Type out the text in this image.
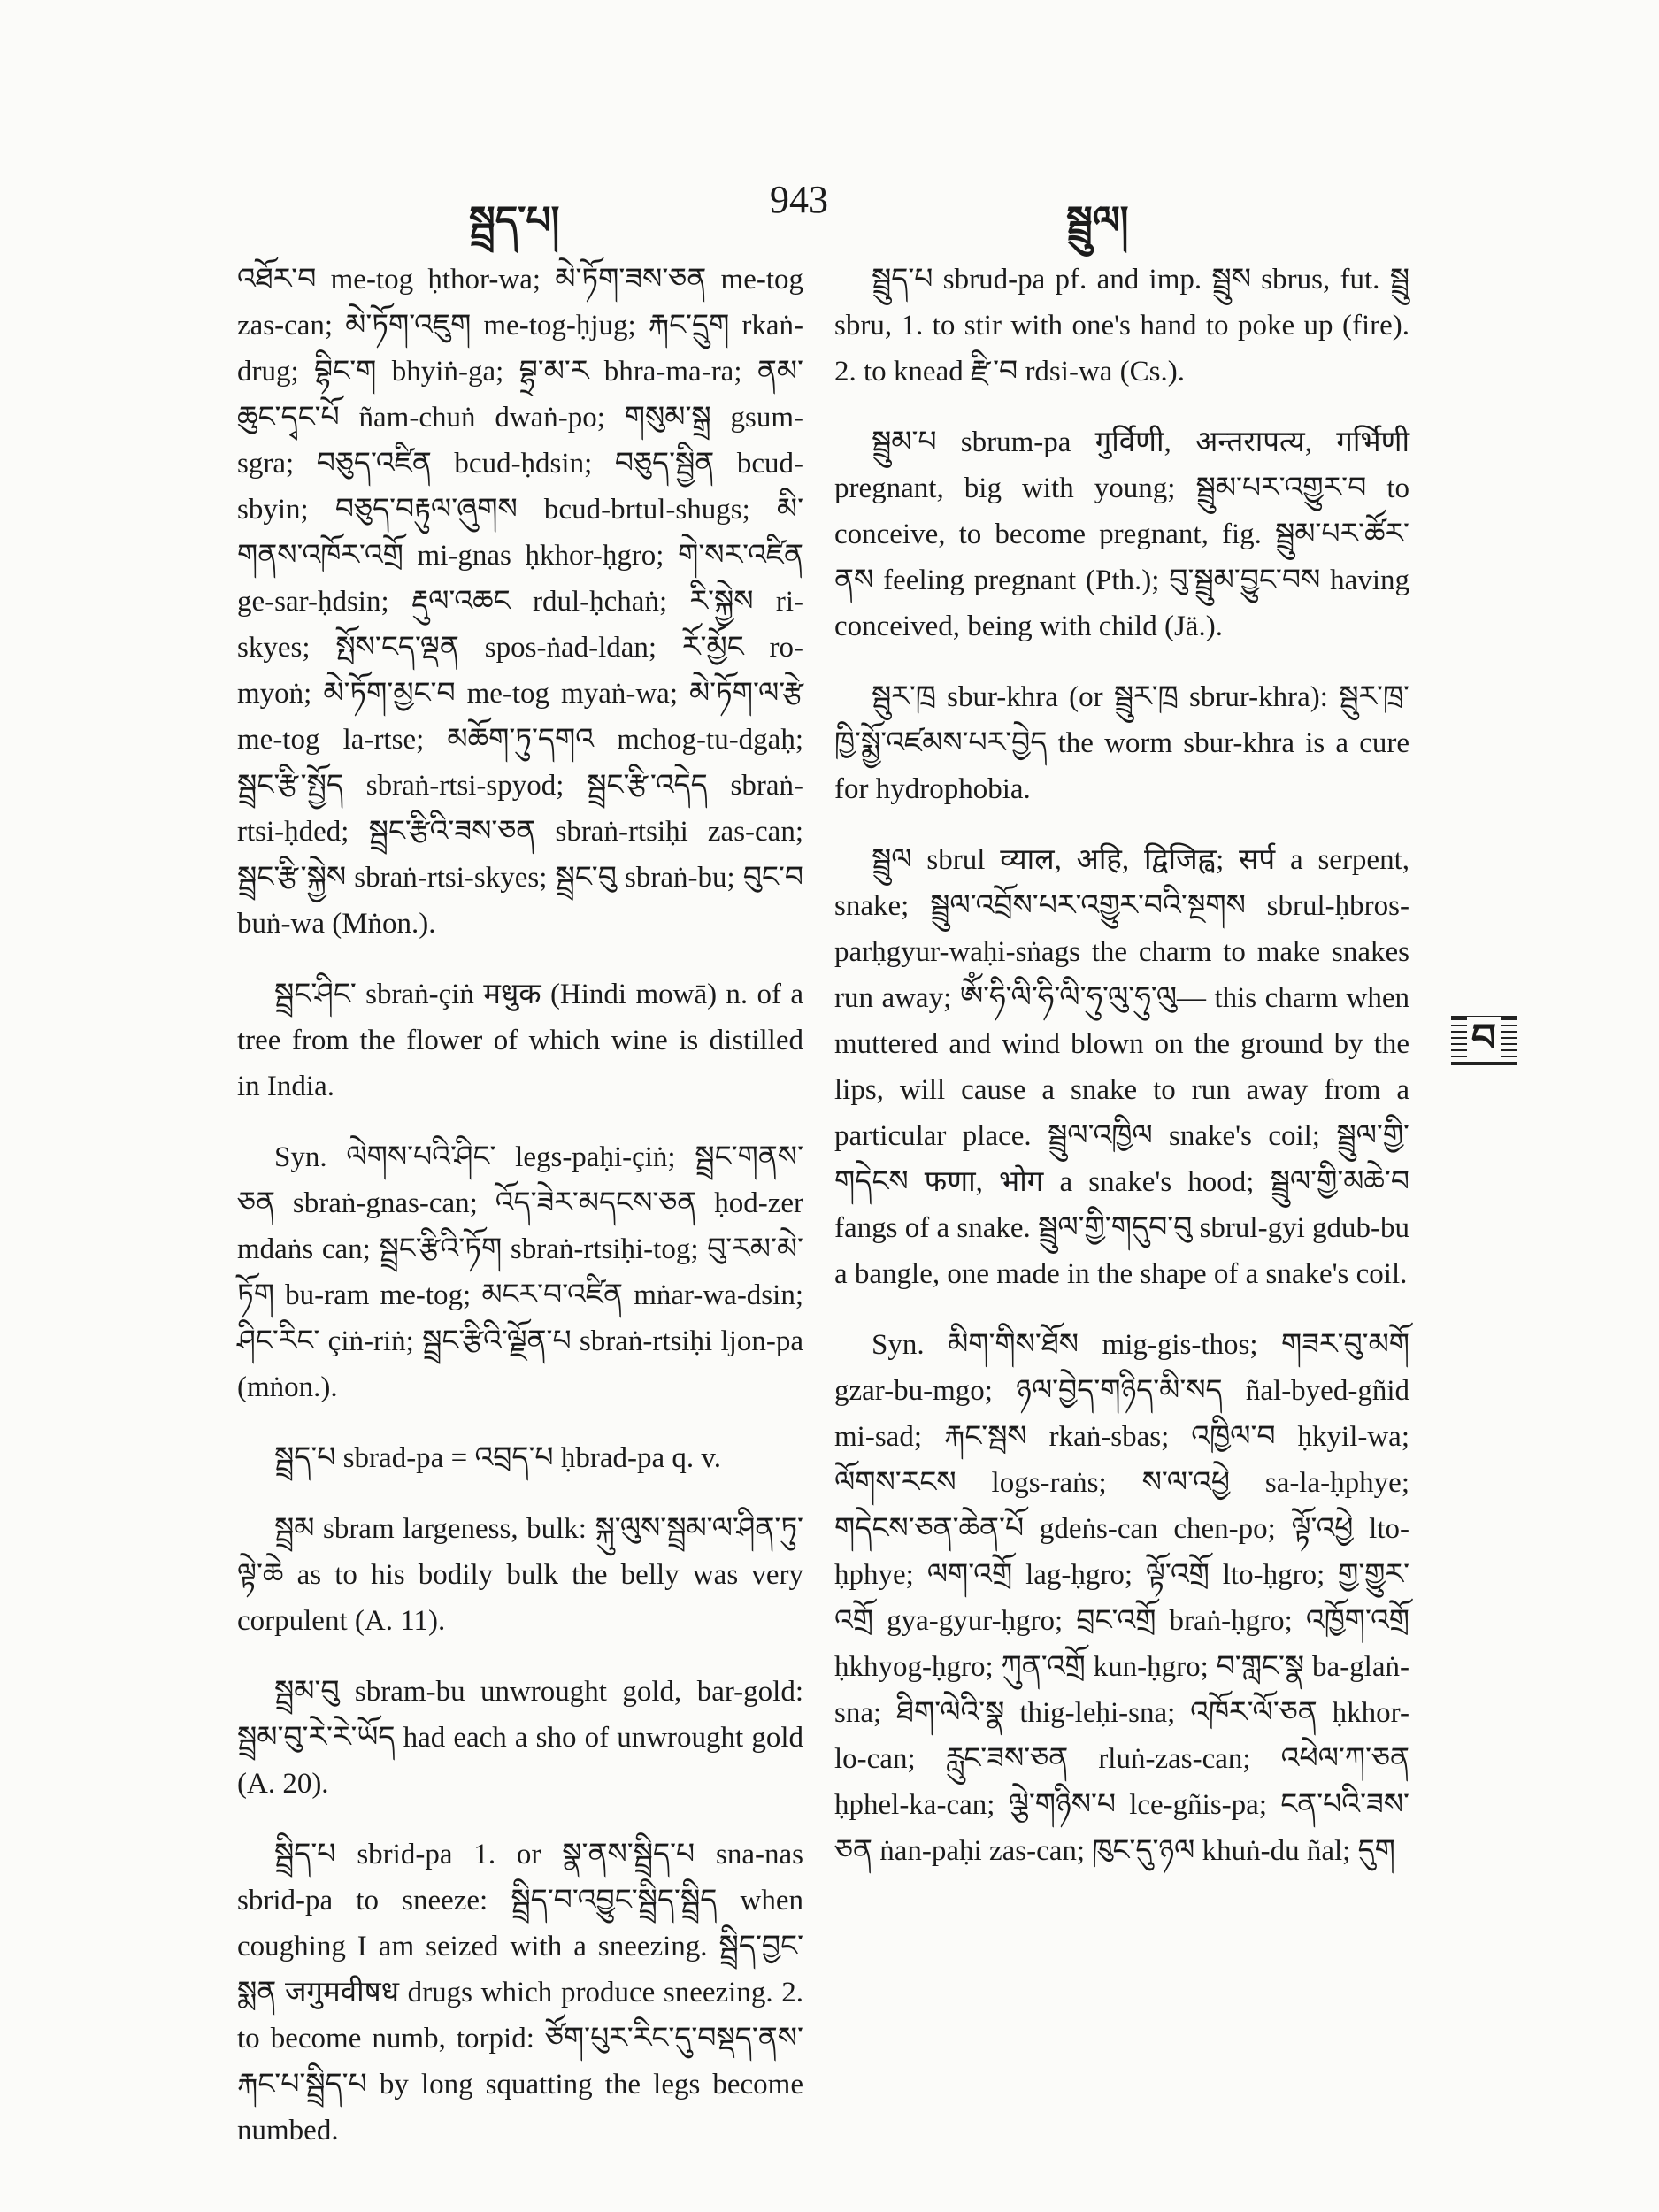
སྦྲད་པ།	943	སྦྲུལ།

འཐོར་བ me-tog ḥthor-wa; མེ་ཏོག་ཟས་ཅན me-tog zas-can; མེ་ཏོག་འཇུག me-tog-ḥjug; རྐང་དྲུག rkaṅ-drug; བྷིང་ག bhyiṅ-ga; བྷྲ་མ་ར bhra-ma-ra; ནམ་ཆུང་དྭང་པོ ñam-chuṅ dwaṅ-po; གསུམ་སྒྲ gsum-sgra; བཅུད་འཛིན bcud-ḥdsin; བཅུད་སྦྱིན bcud-sbyin; བཅུད་བརྟུལ་ཞུགས bcud-brtul-shugs; མི་གནས་འཁོར་འགྲོ mi-gnas ḥkhor-ḥgro; གེ་སར་འཛིན ge-sar-ḥdsin; རྡུལ་འཆང rdul-ḥchaṅ; རི་སྐྱེས ri-skyes; སྤོས་ངད་ལྡན spos-ṅad-ldan; རོ་མྱོང ro-myoṅ; མེ་ཏོག་མྱང་བ me-tog myaṅ-wa; མེ་ཏོག་ལ་རྩེ me-tog la-rtse; མཆོག་ཏུ་དགའ mchog-tu-dgaḥ; སྦྲང་རྩི་སྤྱོད sbraṅ-rtsi-spyod; སྦྲང་རྩི་འདེད sbraṅ-rtsi-ḥded; སྦྲང་རྩིའི་ཟས་ཅན sbraṅ-rtsiḥi zas-can; སྦྲང་རྩི་སྐྱེས sbraṅ-rtsi-skyes; སྦྲང་བུ sbraṅ-bu; བུང་བ buṅ-wa (Mṅon.).

སྦྲང་ཤིང་ sbraṅ-çiṅ मधुक (Hindi mowā) n. of a tree from the flower of which wine is distilled in India.

Syn. ལེགས་པའི་ཤིང་ legs-paḥi-çiṅ; སྦྲང་གནས་ཅན sbraṅ-gnas-can; འོད་ཟེར་མདངས་ཅན ḥod-zer mdaṅs can; སྦྲང་རྩིའི་ཏོག sbraṅ-rtsiḥi-tog; བུ་རམ་མེ་ཏོག bu-ram me-tog; མངར་བ་འཛིན mṅar-wa-dsin; ཤིང་རིང་ çiṅ-riṅ; སྦྲང་རྩིའི་ལྗོན་པ sbraṅ-rtsiḥi ljon-pa (mṅon.).

སྦྲད་པ sbrad-pa = འབྲད་པ ḥbrad-pa q. v.

སྦྲམ sbram largeness, bulk: སྐུ་ལུས་སྦྲམ་ལ་ཤིན་ཏུ་ལྟེ་ཆེ as to his bodily bulk the belly was very corpulent (A. 11).

སྦྲམ་བུ sbram-bu unwrought gold, bar-gold: སྦྲམ་བུ་རེ་རེ་ཡོད had each a sho of unwrought gold (A. 20).

སྦྲིད་པ sbrid-pa 1. or སྣ་ནས་སྦྲིད་པ sna-nas sbrid-pa to sneeze: སྦྲིད་བ་འབྱུང་སྦྲིད་སྦྲིད when coughing I am seized with a sneezing. སྦྲིད་བྱང་སྨན जगुमवीषध drugs which produce sneezing. 2. to become numb, torpid: ཙོག་པུར་རིང་དུ་བསྡད་ནས་རྐང་པ་སྦྲིད་པ by long squatting the legs become numbed.

སྦྲུད་པ sbrud-pa pf. and imp. སྦྲུས sbrus, fut. སྦྲུ sbru, 1. to stir with one's hand to poke up (fire). 2. to knead རྫི་བ rdsi-wa (Cs.).

སྦྲུམ་པ sbrum-pa गुर्विणी, अन्तरापत्य, गर्भिणी pregnant, big with young; སྦྲུམ་པར་འགྱུར་བ to conceive, to become pregnant, fig. སྦྲུམ་པར་ཚོར་ནས feeling pregnant (Pth.); བུ་སྦྲུམ་བྱུང་བས having conceived, being with child (Jä.).

སྦུར་ཁྲ sbur-khra (or སྦྲུར་ཁྲ sbrur-khra): སྦུར་ཁྲ་ཁྱི་སྨྱོ་འཛམས་པར་བྱེད the worm sbur-khra is a cure for hydrophobia.

སྦྲུལ sbrul व्याल, अहि, द्विजिह्व; सर्प a serpent, snake; སྦྲུལ་འབྲོས་པར་འགྱུར་བའི་སྔགས sbrul-ḥbros-parḥgyur-waḥi-sṅags the charm to make snakes run away; ཨོཾ་ཧི་ལི་ཧི་ལི་ཧུ་ལུ་ཧུ་ལུ— this charm when muttered and wind blown on the ground by the lips, will cause a snake to run away from a particular place. སྦྲུལ་འཁྱིལ snake's coil; སྦྲུལ་གྱི་གདེངས फणा, भोग a snake's hood; སྦྲུལ་གྱི་མཆེ་བ fangs of a snake. སྦྲུལ་གྱི་གདུབ་བུ sbrul-gyi gdub-bu a bangle, one made in the shape of a snake's coil.

Syn. མིག་གིས་ཐོས mig-gis-thos; གཟར་བུ་མགོ gzar-bu-mgo; ཉལ་བྱེད་གཉིད་མི་སད ñal-byed-gñid mi-sad; རྐང་སྦས rkaṅ-sbas; འཁྱིལ་བ ḥkyil-wa; ལོགས་རངས logs-raṅs; ས་ལ་འཕྱེ sa-la-ḥphye; གདེངས་ཅན་ཆེན་པོ gdeṅs-can chen-po; ལྟོ་འཕྱེ lto-ḥphye; ལག་འགྲོ lag-ḥgro; ལྟོ་འགྲོ lto-ḥgro; གྱ་གྱུར་འགྲོ gya-gyur-ḥgro; བྲང་འགྲོ braṅ-ḥgro; འཁྱོག་འགྲོ ḥkhyog-ḥgro; ཀུན་འགྲོ kun-ḥgro; བ་གླང་སྣ ba-glaṅ-sna; ཐིག་ལེའི་སྣ thig-leḥi-sna; འཁོར་ལོ་ཅན ḥkhor-lo-can; རླུང་ཟས་ཅན rluṅ-zas-can; འཕེལ་ཀ་ཅན ḥphel-ka-can; ལྕེ་གཉིས་པ lce-gñis-pa; ངན་པའི་ཟས་ཅན ṅan-paḥi zas-can; ཁུང་དུ་ཉལ khuṅ-du ñal; དུག

བ
